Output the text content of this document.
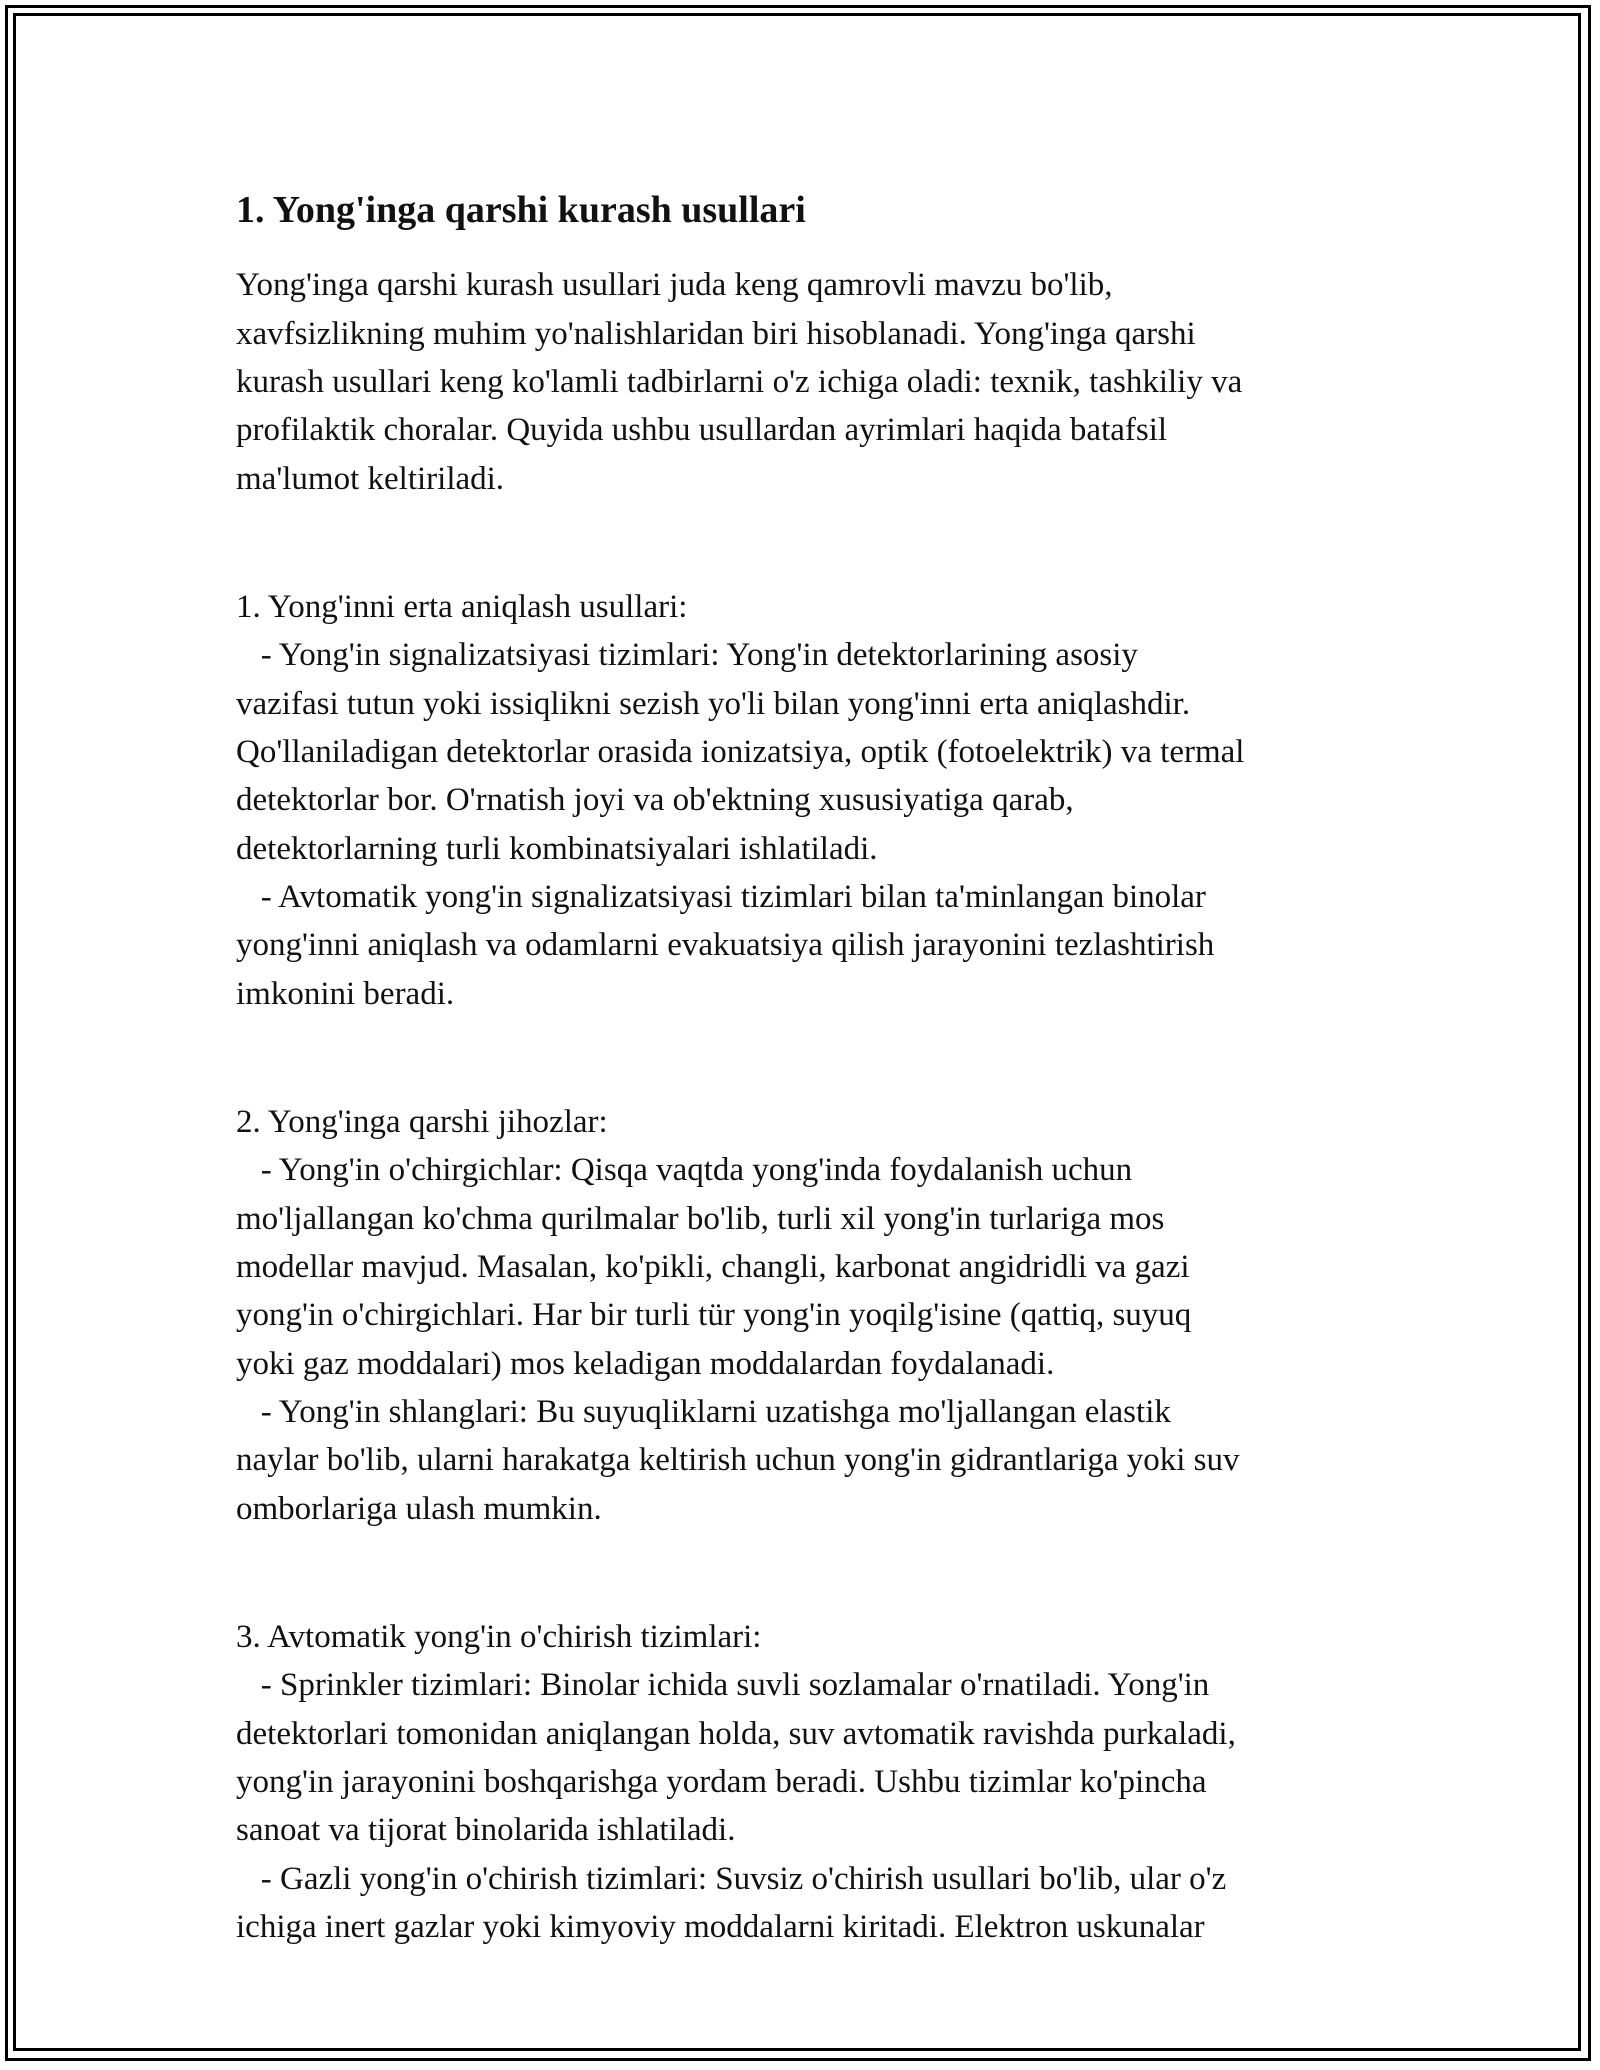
1. Yong'inga qarshi kurash usullari

Yong'inga qarshi kurash usullari juda keng qamrovli mavzu bo'lib,

xavfsizlikning muhim yo'nalishlaridan biri hisoblanadi. Yong'inga qarshi

kurash usullari keng ko'lamli tadbirlarni o'z ichiga oladi: texnik, tashkiliy va

profilaktik choralar. Quyida ushbu usullardan ayrimlari haqida batafsil

ma'lumot keltiriladi.

1. Yong'inni erta aniqlash usullari:

- Yong'in signalizatsiyasi tizimlari: Yong'in detektorlarining asosiy

vazifasi tutun yoki issiqlikni sezish yo'li bilan yong'inni erta aniqlashdir.

Qo'llaniladigan detektorlar orasida ionizatsiya, optik (fotoelektrik) va termal

detektorlar bor. O'rnatish joyi va ob'ektning xususiyatiga qarab,

detektorlarning turli kombinatsiyalari ishlatiladi.

- Avtomatik yong'in signalizatsiyasi tizimlari bilan ta'minlangan binolar

yong'inni aniqlash va odamlarni evakuatsiya qilish jarayonini tezlashtirish

imkonini beradi.

2. Yong'inga qarshi jihozlar:

- Yong'in o'chirgichlar: Qisqa vaqtda yong'inda foydalanish uchun

mo'ljallangan ko'chma qurilmalar bo'lib, turli xil yong'in turlariga mos

modellar mavjud. Masalan, ko'pikli, changli, karbonat angidridli va gazi

yong'in o'chirgichlari. Har bir turli tür yong'in yoqilg'isine (qattiq, suyuq

yoki gaz moddalari) mos keladigan moddalardan foydalanadi.

- Yong'in shlanglari: Bu suyuqliklarni uzatishga mo'ljallangan elastik

naylar bo'lib, ularni harakatga keltirish uchun yong'in gidrantlariga yoki suv

omborlariga ulash mumkin.

3. Avtomatik yong'in o'chirish tizimlari:

- Sprinkler tizimlari: Binolar ichida suvli sozlamalar o'rnatiladi. Yong'in

detektorlari tomonidan aniqlangan holda, suv avtomatik ravishda purkaladi,

yong'in jarayonini boshqarishga yordam beradi. Ushbu tizimlar ko'pincha

sanoat va tijorat binolarida ishlatiladi.

- Gazli yong'in o'chirish tizimlari: Suvsiz o'chirish usullari bo'lib, ular o'z

ichiga inert gazlar yoki kimyoviy moddalarni kiritadi. Elektron uskunalar
